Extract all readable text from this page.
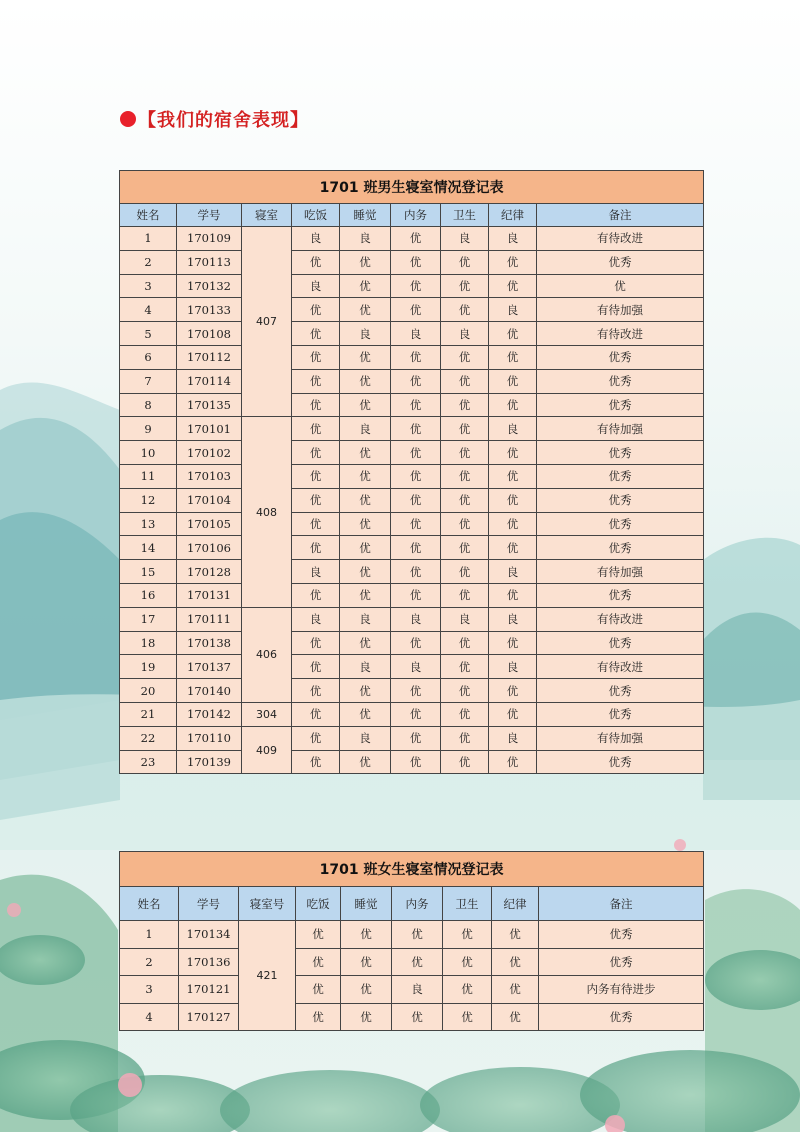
【我们的宿舍表现】
1701 班男生寝室情况登记表								
姓名	学号	寝室	吃饭	睡觉	内务	卫生	纪律	备注
1	170109	407	良	良	优	良	良	有待改进
2	170113		优	优	优	优	优	优秀
3	170132		良	优	优	优	优	优
4	170133		优	优	优	优	良	有待加强
5	170108		优	良	良	良	优	有待改进
6	170112		优	优	优	优	优	优秀
7	170114		优	优	优	优	优	优秀
8	170135		优	优	优	优	优	优秀
9	170101	408	优	良	优	优	良	有待加强
10	170102		优	优	优	优	优	优秀
11	170103		优	优	优	优	优	优秀
12	170104		优	优	优	优	优	优秀
13	170105		优	优	优	优	优	优秀
14	170106		优	优	优	优	优	优秀
15	170128		良	优	优	优	良	有待加强
16	170131		优	优	优	优	优	优秀
17	170111	406	良	良	良	良	良	有待改进
18	170138		优	优	优	优	优	优秀
19	170137		优	良	良	优	良	有待改进
20	170140		优	优	优	优	优	优秀
21	170142	304	优	优	优	优	优	优秀
22	170110	409	优	良	优	优	良	有待加强
23	170139		优	优	优	优	优	优秀
1701 班女生寝室情况登记表								
姓名	学号	寝室号	吃饭	睡觉	内务	卫生	纪律	备注
1	170134	421	优	优	优	优	优	优秀
2	170136		优	优	优	优	优	优秀
3	170121		优	优	良	优	优	内务有待进步
4	170127		优	优	优	优	优	优秀
